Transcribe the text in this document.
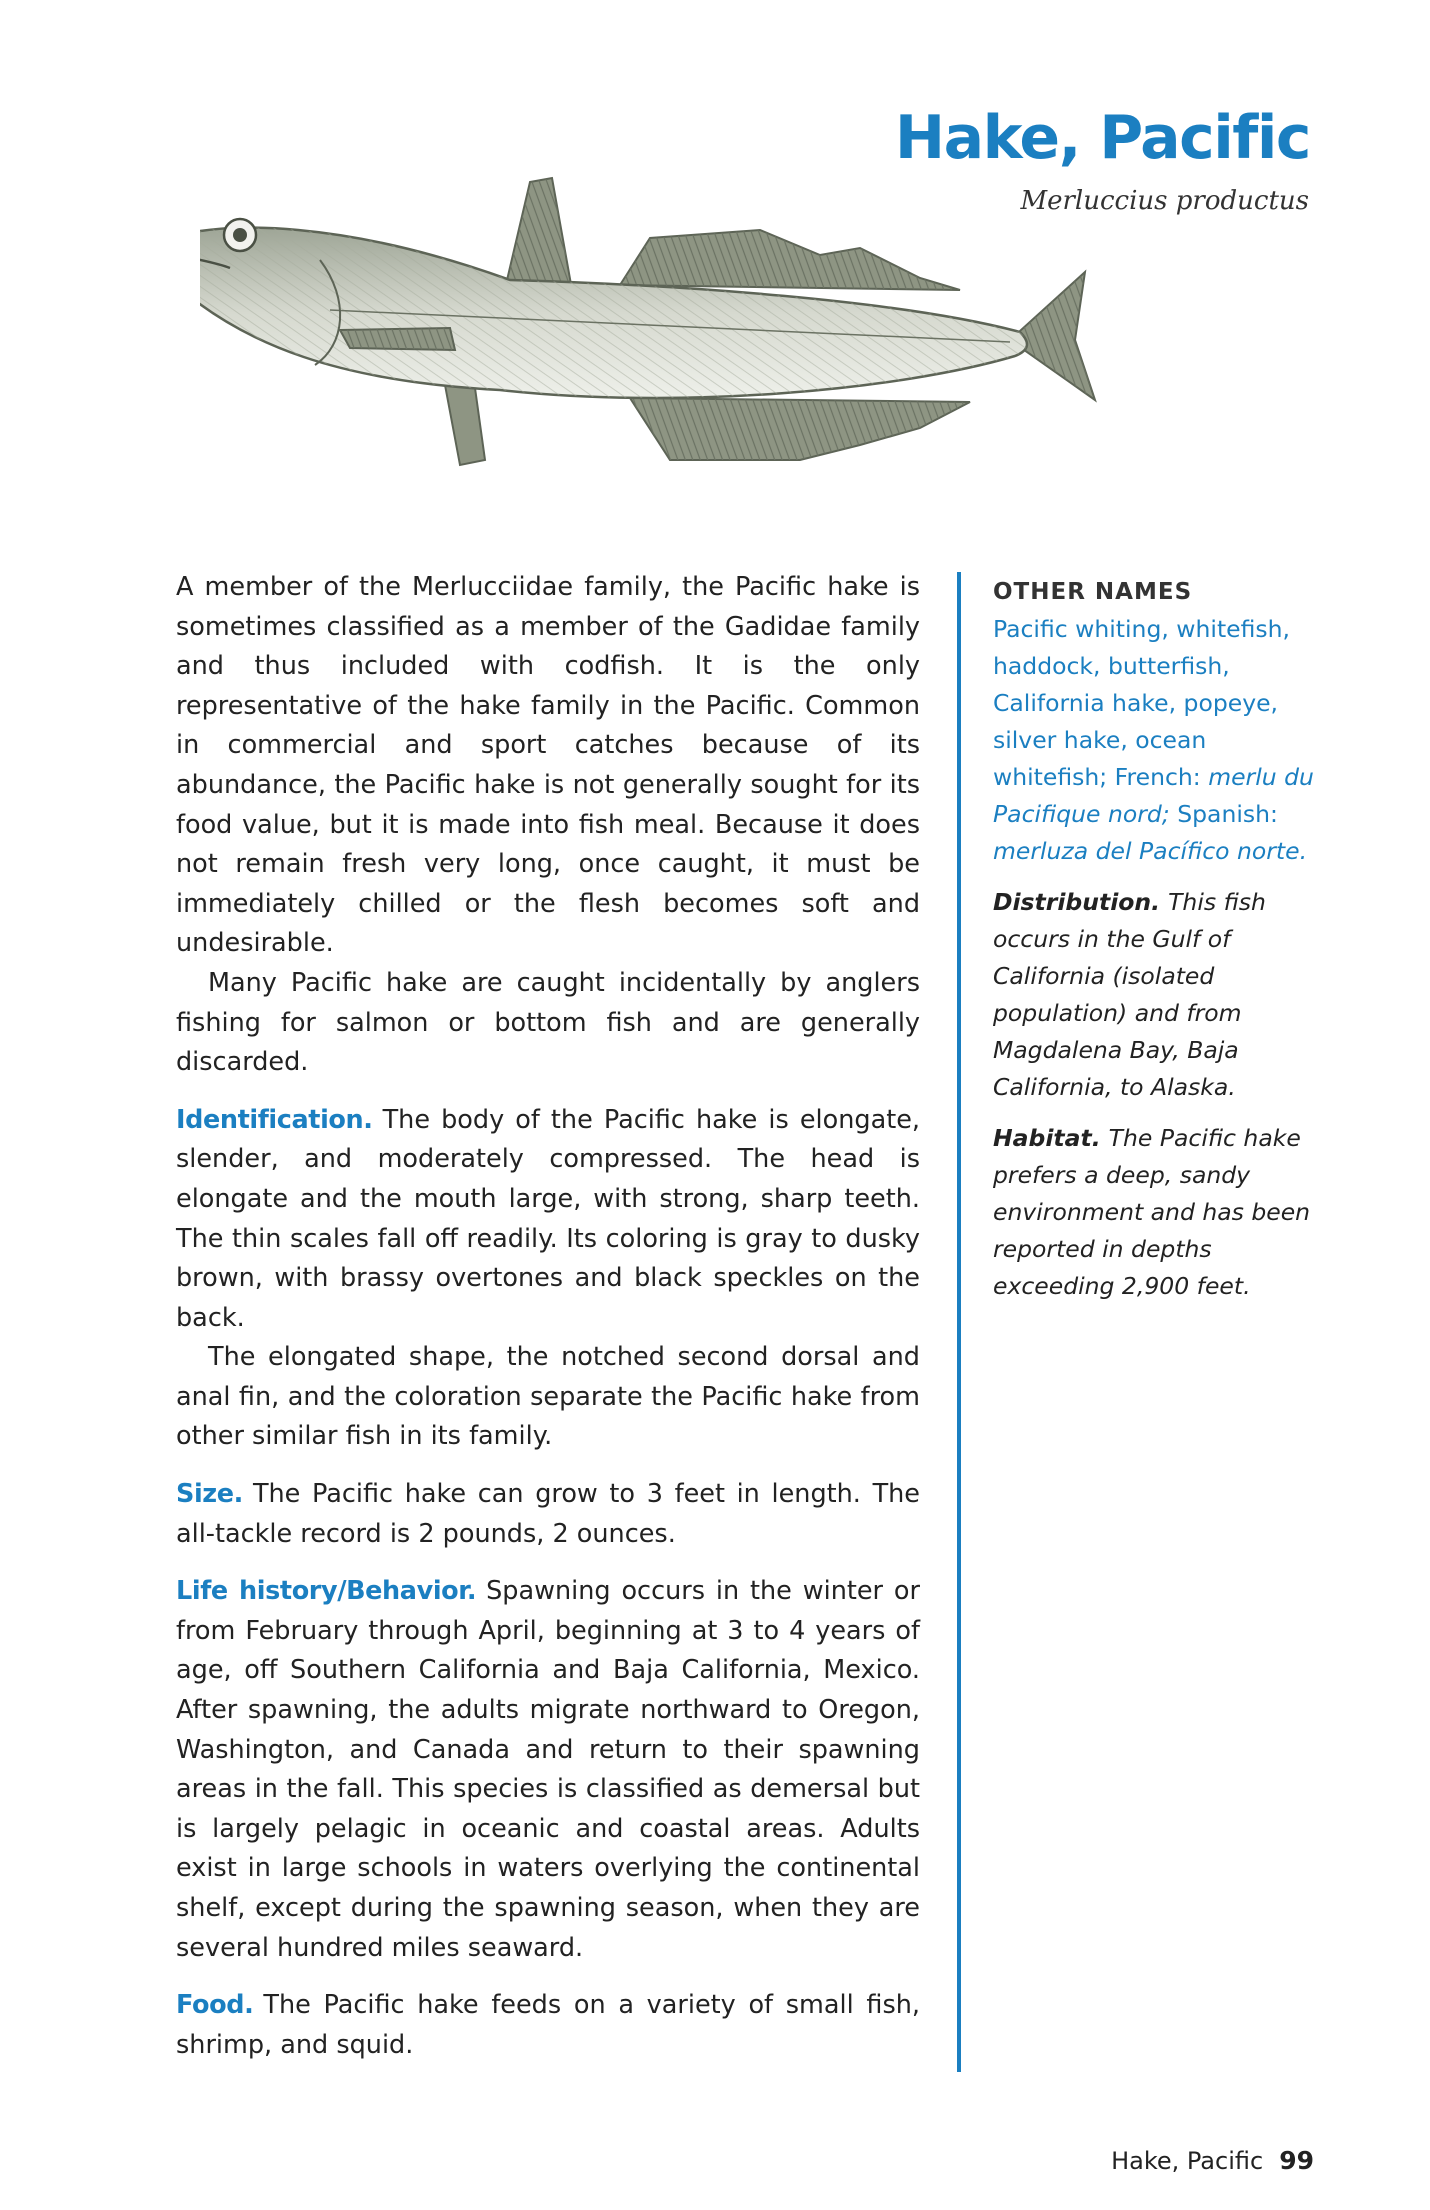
Hake, Pacific

Merluccius productus

A member of the Merlucciidae family, the Pacific hake is sometimes classified as a member of the Gadidae family and thus included with codfish. It is the only representative of the hake family in the Pacific. Common in commercial and sport catches because of its abundance, the Pacific hake is not generally sought for its food value, but it is made into fish meal. Because it does not remain fresh very long, once caught, it must be immediately chilled or the flesh becomes soft and undesirable.

Many Pacific hake are caught incidentally by anglers fishing for salmon or bottom fish and are generally discarded.

Identification. The body of the Pacific hake is elongate, slender, and moderately compressed. The head is elongate and the mouth large, with strong, sharp teeth. The thin scales fall off readily. Its coloring is gray to dusky brown, with brassy overtones and black speckles on the back.

The elongated shape, the notched second dorsal and anal fin, and the coloration separate the Pacific hake from other similar fish in its family.

Size. The Pacific hake can grow to 3 feet in length. The all-tackle record is 2 pounds, 2 ounces.

Life history/Behavior. Spawning occurs in the winter or from February through April, beginning at 3 to 4 years of age, off Southern California and Baja California, Mexico. After spawning, the adults migrate northward to Oregon, Washington, and Canada and return to their spawning areas in the fall. This species is classified as demersal but is largely pelagic in oceanic and coastal areas. Adults exist in large schools in waters overlying the continental shelf, except during the spawning season, when they are several hundred miles seaward.

Food. The Pacific hake feeds on a variety of small fish, shrimp, and squid.

OTHER NAMES

Pacific whiting, whitefish, haddock, butterfish, California hake, popeye, silver hake, ocean whitefish; French: merlu du Pacifique nord; Spanish: merluza del Pacífico norte.

Distribution. This fish occurs in the Gulf of California (isolated population) and from Magdalena Bay, Baja California, to Alaska.

Habitat. The Pacific hake prefers a deep, sandy environment and has been reported in depths exceeding 2,900 feet.

Hake, Pacific 99
